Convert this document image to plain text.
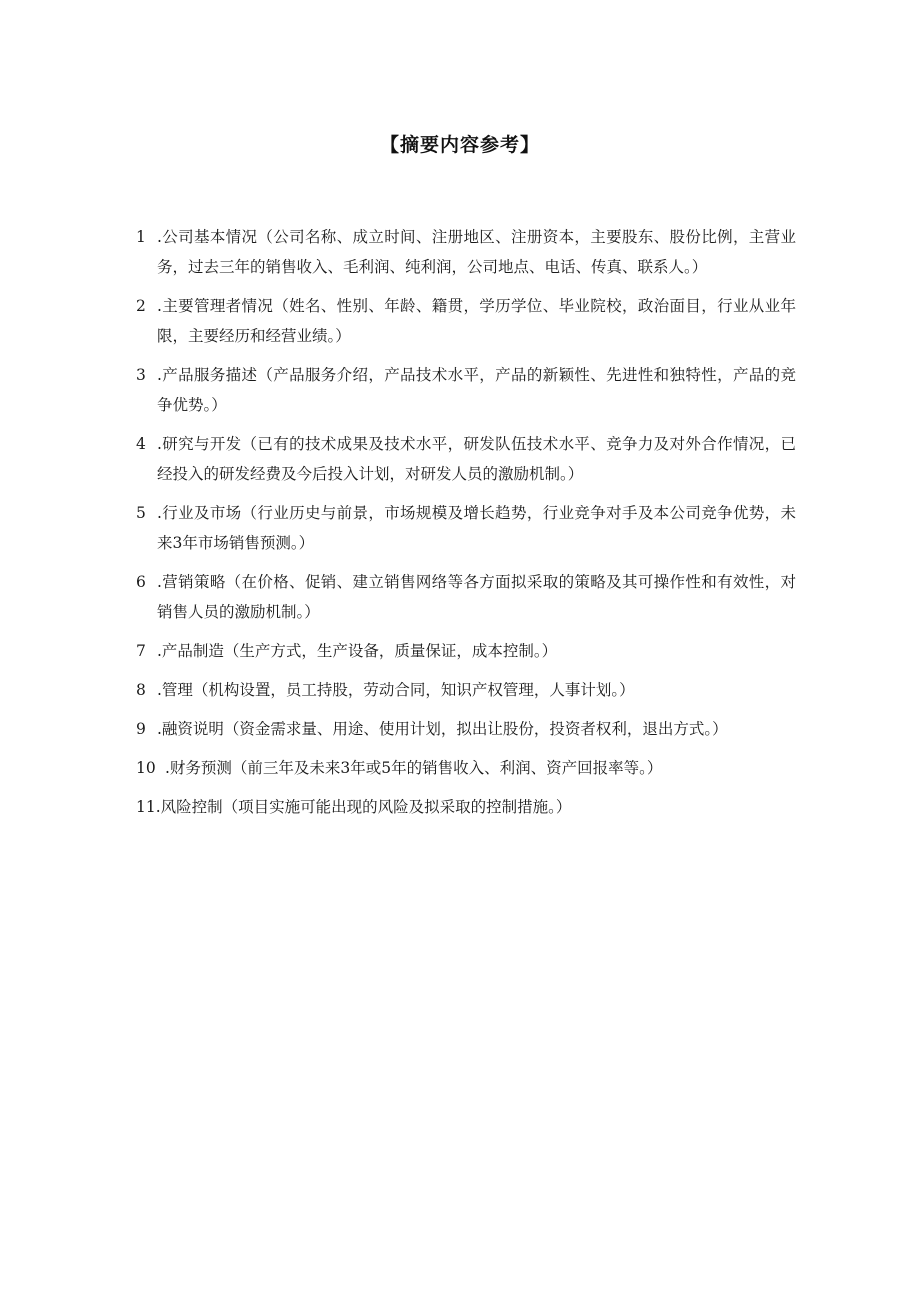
【摘要内容参考】
1 .公司基本情况（公司名称、成立时间、注册地区、注册资本，主要股东、股份比例，主营业务，过去三年的销售收入、毛利润、纯利润，公司地点、电话、传真、联系人。）
2 .主要管理者情况（姓名、性别、年龄、籍贯，学历学位、毕业院校，政治面目，行业从业年限，主要经历和经营业绩。）
3 .产品服务描述（产品服务介绍，产品技术水平，产品的新颖性、先进性和独特性，产品的竞争优势。）
4 .研究与开发（已有的技术成果及技术水平，研发队伍技术水平、竞争力及对外合作情况，已经投入的研发经费及今后投入计划，对研发人员的激励机制。）
5 .行业及市场（行业历史与前景，市场规模及增长趋势，行业竞争对手及本公司竞争优势，未来3年市场销售预测。）
6 .营销策略（在价格、促销、建立销售网络等各方面拟采取的策略及其可操作性和有效性，对销售人员的激励机制。）
7 .产品制造（生产方式，生产设备，质量保证，成本控制。）
8 .管理（机构设置，员工持股，劳动合同，知识产权管理，人事计划。）
9 .融资说明（资金需求量、用途、使用计划，拟出让股份，投资者权利，退出方式。）
10 .财务预测（前三年及未来3年或5年的销售收入、利润、资产回报率等。）
11.风险控制（项目实施可能出现的风险及拟采取的控制措施。）
